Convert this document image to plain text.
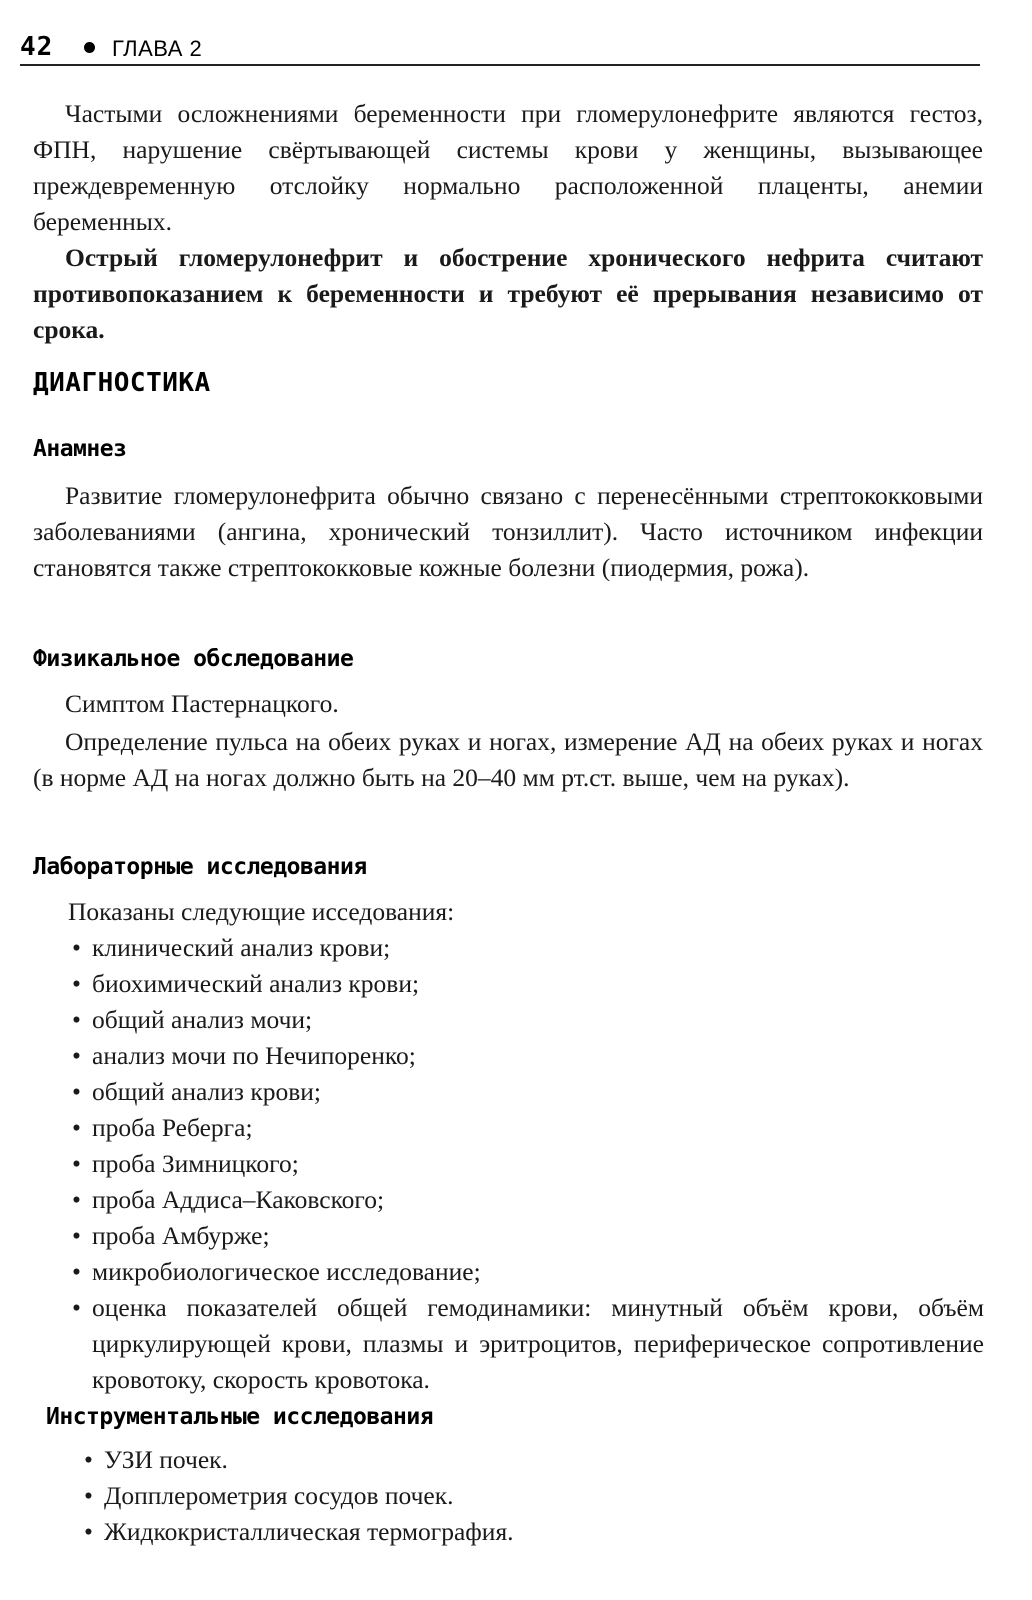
42	ГЛАВА 2

Частыми осложнениями беременности при гломерулонефрите являются гестоз, ФПН, нарушение свёртывающей системы крови у женщины, вызывающее преждевременную отслойку нормально расположенной плаценты, анемии беременных.

Острый гломерулонефрит и обострение хронического нефрита считают противопоказанием к беременности и требуют её прерывания независимо от срока.

ДИАГНОСТИКА
Анамнез

Развитие гломерулонефрита обычно связано с перенесёнными стрептококковыми заболеваниями (ангина, хронический тонзиллит). Часто источником инфекции становятся также стрептококковые кожные болезни (пиодермия, рожа).

Физикальное обследование

Симптом Пастернацкого.

Определение пульса на обеих руках и ногах, измерение АД на обеих руках и ногах (в норме АД на ногах должно быть на 20–40 мм рт.ст. выше, чем на руках).

Лабораторные исследования

Показаны следующие исседования:

• клинический анализ крови;
• биохимический анализ крови;
• общий анализ мочи;
• анализ мочи по Нечипоренко;
• общий анализ крови;
• проба Реберга;
• проба Зимницкого;
• проба Аддиса–Каковского;
• проба Амбурже;
• микробиологическое исследование;
• оценка показателей общей гемодинамики: минутный объём крови, объём циркулирующей крови, плазмы и эритроцитов, периферическое сопротивление кровотоку, скорость кровотока.
Инструментальные исследования
• УЗИ почек.
• Допплерометрия сосудов почек.
• Жидкокристаллическая термография.
